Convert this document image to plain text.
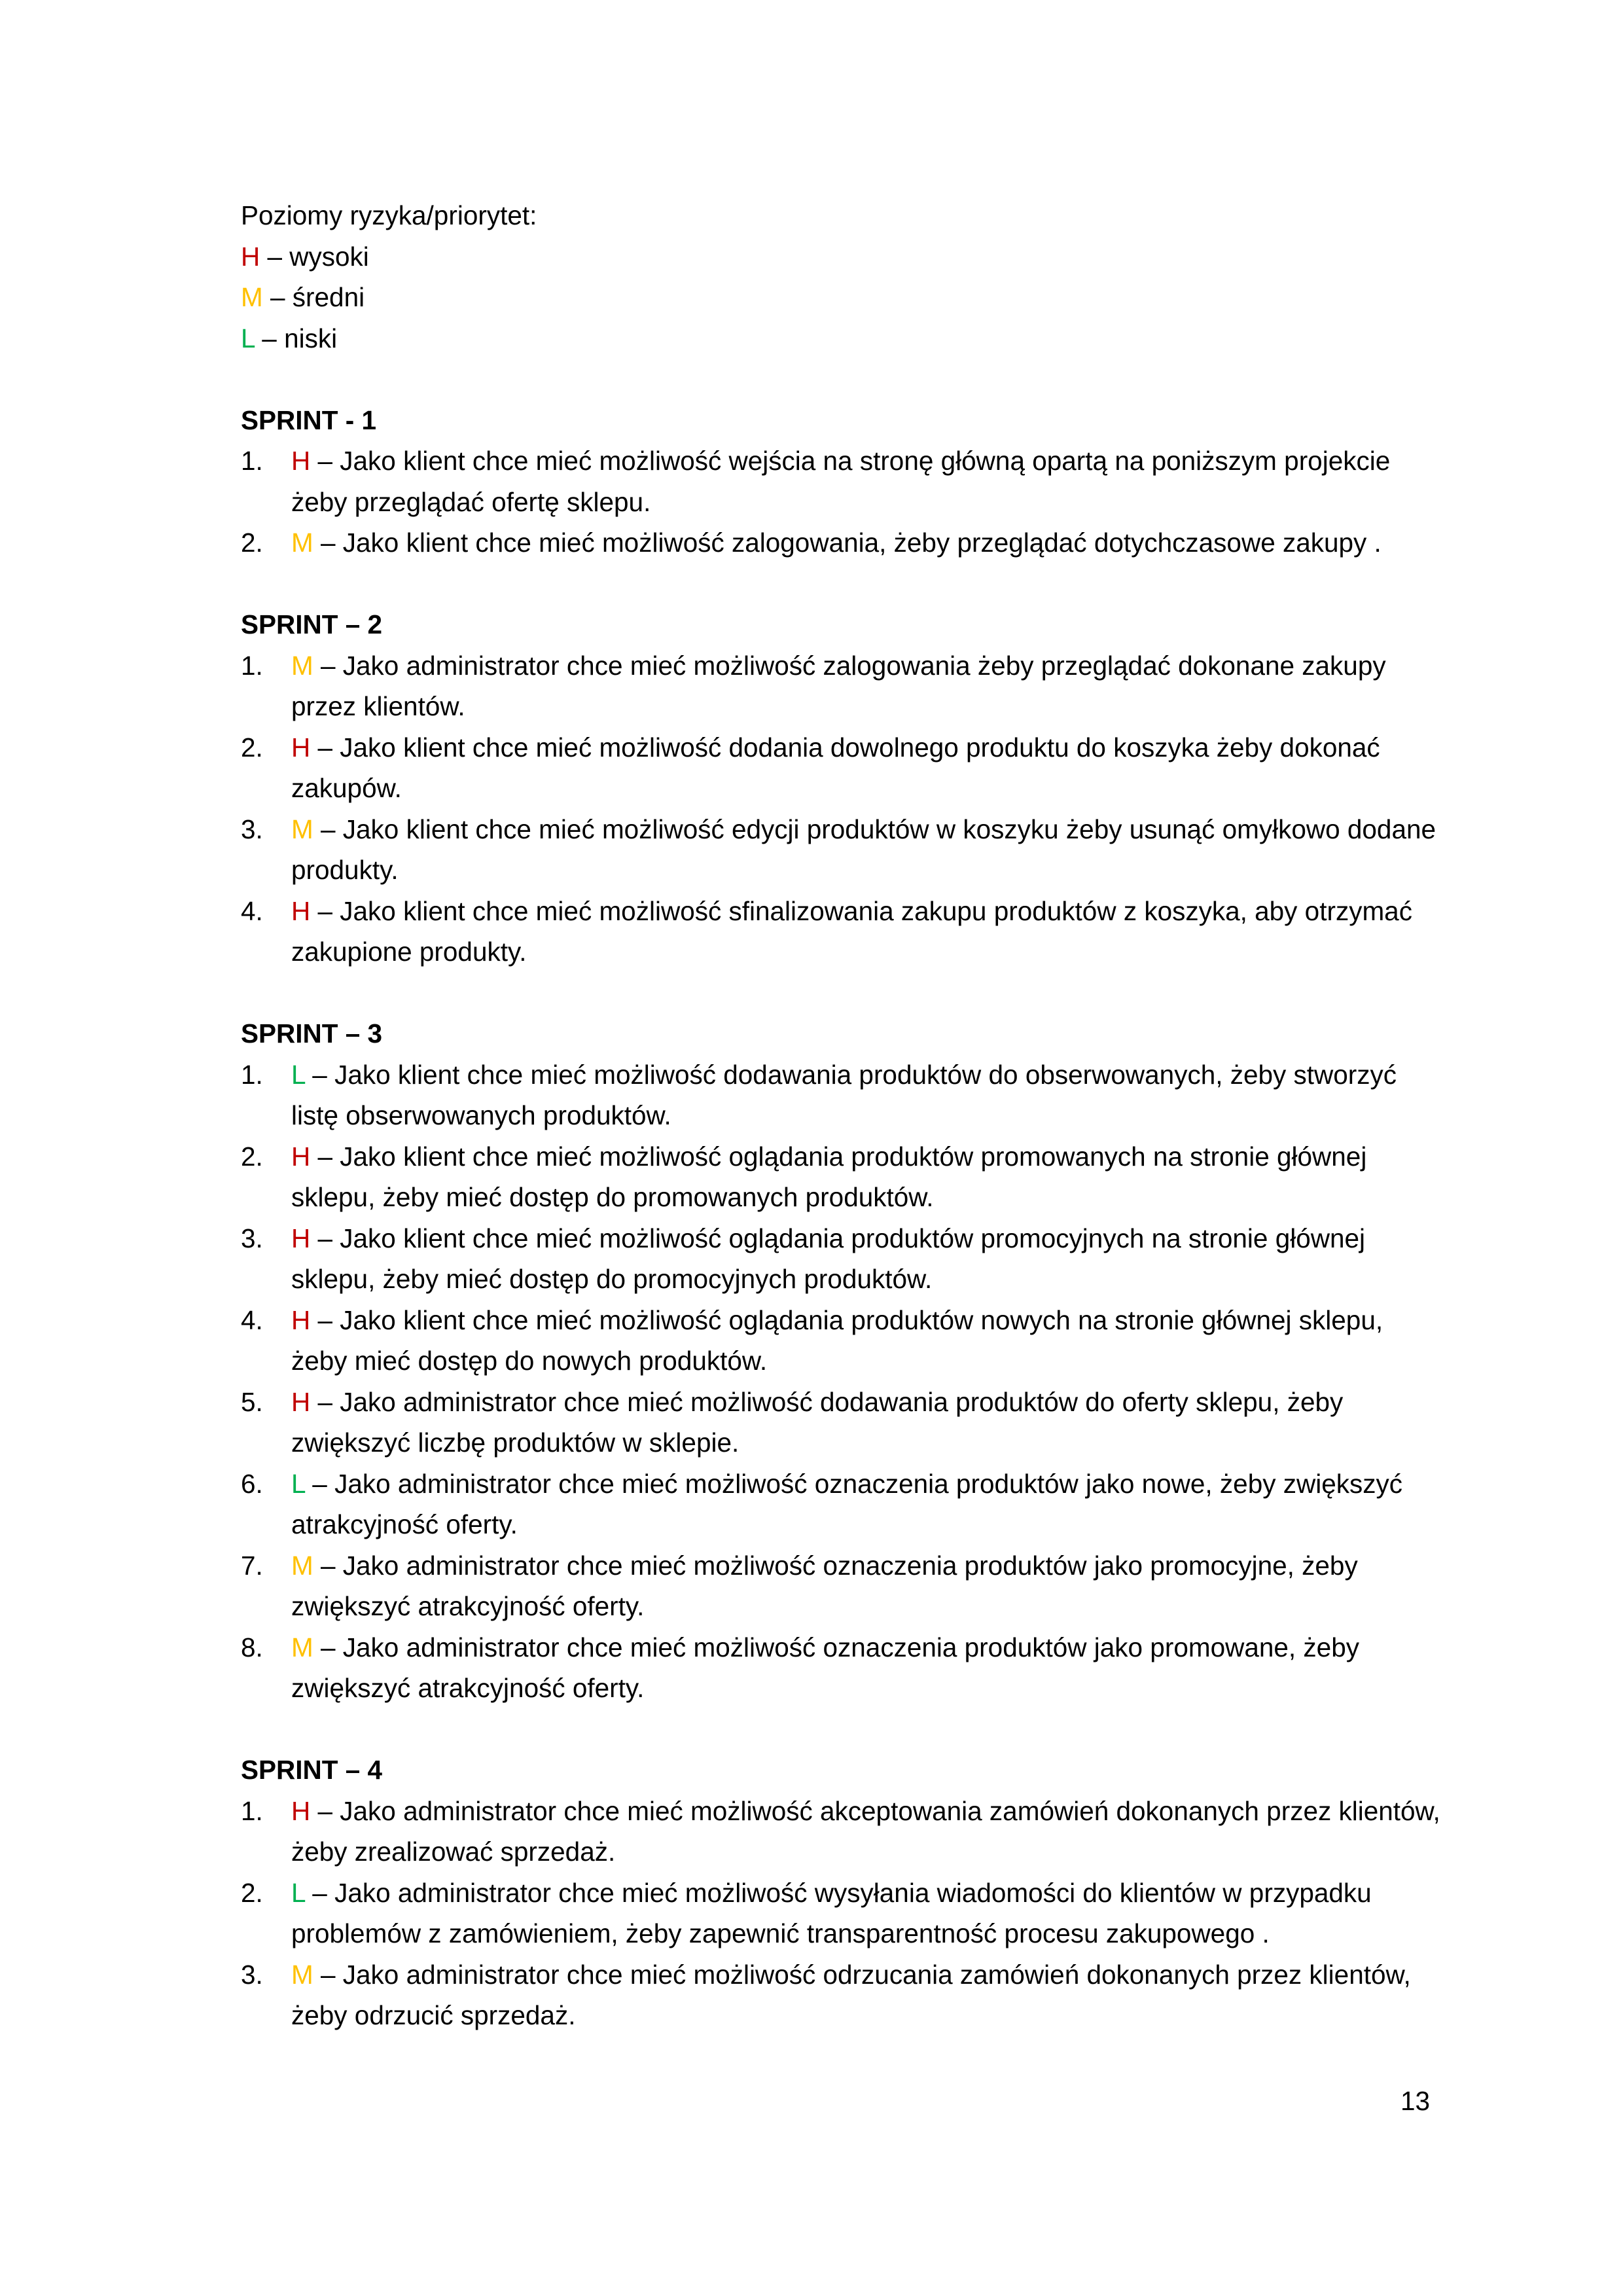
Poziomy ryzyka/priorytet:
H – wysoki
M – średni
L – niski
SPRINT - 1
1. H – Jako klient chce mieć możliwość wejścia na stronę główną opartą na poniższym projekcie żeby przeglądać ofertę sklepu.
2. M – Jako klient chce mieć możliwość zalogowania, żeby przeglądać dotychczasowe zakupy .
SPRINT – 2
1. M – Jako administrator chce mieć możliwość zalogowania żeby przeglądać dokonane zakupy przez klientów.
2. H – Jako klient chce mieć możliwość dodania dowolnego produktu do koszyka żeby dokonać zakupów.
3. M – Jako klient chce mieć możliwość edycji produktów w koszyku żeby usunąć omyłkowo dodane produkty.
4. H – Jako klient chce mieć możliwość sfinalizowania zakupu produktów z koszyka, aby otrzymać zakupione produkty.
SPRINT – 3
1. L – Jako klient chce mieć możliwość dodawania produktów do obserwowanych, żeby stworzyć listę obserwowanych produktów.
2. H – Jako klient chce mieć możliwość oglądania produktów promowanych na stronie głównej sklepu, żeby mieć dostęp do promowanych produktów.
3. H – Jako klient chce mieć możliwość oglądania produktów promocyjnych na stronie głównej sklepu, żeby mieć dostęp do promocyjnych produktów.
4. H – Jako klient chce mieć możliwość oglądania produktów nowych na stronie głównej sklepu, żeby mieć dostęp do nowych produktów.
5. H – Jako administrator chce mieć możliwość dodawania produktów do oferty sklepu, żeby zwiększyć liczbę produktów w sklepie.
6. L – Jako administrator chce mieć możliwość oznaczenia produktów jako nowe, żeby zwiększyć atrakcyjność oferty.
7. M – Jako administrator chce mieć możliwość oznaczenia produktów jako promocyjne, żeby zwiększyć atrakcyjność oferty.
8. M – Jako administrator chce mieć możliwość oznaczenia produktów jako promowane, żeby zwiększyć atrakcyjność oferty.
SPRINT – 4
1. H – Jako administrator chce mieć możliwość akceptowania zamówień dokonanych przez klientów, żeby zrealizować sprzedaż.
2. L – Jako administrator chce mieć możliwość wysyłania wiadomości do klientów w przypadku problemów z zamówieniem, żeby zapewnić transparentność procesu zakupowego .
3. M – Jako administrator chce mieć możliwość odrzucania zamówień dokonanych przez klientów, żeby odrzucić sprzedaż.
13
